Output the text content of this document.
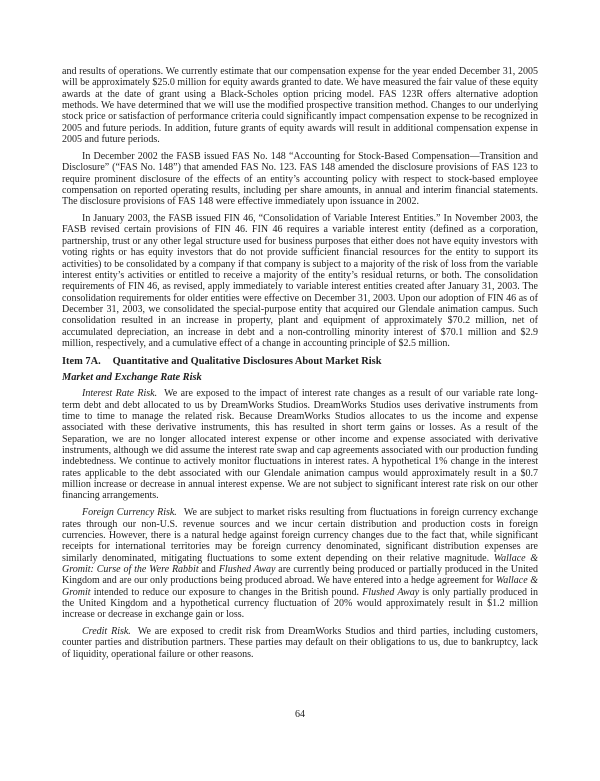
and results of operations. We currently estimate that our compensation expense for the year ended December 31, 2005 will be approximately $25.0 million for equity awards granted to date. We have measured the fair value of these equity awards at the date of grant using a Black-Scholes option pricing model. FAS 123R offers alternative adoption methods. We have determined that we will use the modified prospective transition method. Changes to our underlying stock price or satisfaction of performance criteria could significantly impact compensation expense to be recognized in 2005 and future periods. In addition, future grants of equity awards will result in additional compensation expense in 2005 and future periods.

In December 2002 the FASB issued FAS No. 148 “Accounting for Stock-Based Compensation—Transition and Disclosure” (“FAS No. 148”) that amended FAS No. 123. FAS 148 amended the disclosure provisions of FAS 123 to require prominent disclosure of the effects of an entity’s accounting policy with respect to stock-based employee compensation on reported operating results, including per share amounts, in annual and interim financial statements. The disclosure provisions of FAS 148 were effective immediately upon issuance in 2002.

In January 2003, the FASB issued FIN 46, “Consolidation of Variable Interest Entities.” In November 2003, the FASB revised certain provisions of FIN 46. FIN 46 requires a variable interest entity (defined as a corporation, partnership, trust or any other legal structure used for business purposes that either does not have equity investors with voting rights or has equity investors that do not provide sufficient financial resources for the entity to support its activities) to be consolidated by a company if that company is subject to a majority of the risk of loss from the variable interest entity’s activities or entitled to receive a majority of the entity’s residual returns, or both. The consolidation requirements of FIN 46, as revised, apply immediately to variable interest entities created after January 31, 2003. The consolidation requirements for older entities were effective on December 31, 2003. Upon our adoption of FIN 46 as of December 31, 2003, we consolidated the special-purpose entity that acquired our Glendale animation campus. Such consolidation resulted in an increase in property, plant and equipment of approximately $70.2 million, net of accumulated depreciation, an increase in debt and a non-controlling minority interest of $70.1 million and $2.9 million, respectively, and a cumulative effect of a change in accounting principle of $2.5 million.

Item 7A. Quantitative and Qualitative Disclosures About Market Risk
Market and Exchange Rate Risk

Interest Rate Risk. We are exposed to the impact of interest rate changes as a result of our variable rate long-term debt and debt allocated to us by DreamWorks Studios. DreamWorks Studios uses derivative instruments from time to time to manage the related risk. Because DreamWorks Studios allocates to us the income and expense associated with these derivative instruments, this has resulted in short term gains or losses. As a result of the Separation, we are no longer allocated interest expense or other income and expense associated with derivative instruments, although we did assume the interest rate swap and cap agreements associated with our production funding indebtedness. We continue to actively monitor fluctuations in interest rates. A hypothetical 1% change in the interest rates applicable to the debt associated with our Glendale animation campus would approximately result in a $0.7 million increase or decrease in annual interest expense. We are not subject to significant interest rate risk on our other financing arrangements.

Foreign Currency Risk. We are subject to market risks resulting from fluctuations in foreign currency exchange rates through our non-U.S. revenue sources and we incur certain distribution and production costs in foreign currencies. However, there is a natural hedge against foreign currency changes due to the fact that, while significant receipts for international territories may be foreign currency denominated, significant distribution expenses are similarly denominated, mitigating fluctuations to some extent depending on their relative magnitude. Wallace & Gromit: Curse of the Were Rabbit and Flushed Away are currently being produced or partially produced in the United Kingdom and are our only productions being produced abroad. We have entered into a hedge agreement for Wallace & Gromit intended to reduce our exposure to changes in the British pound. Flushed Away is only partially produced in the United Kingdom and a hypothetical currency fluctuation of 20% would approximately result in $1.2 million increase or decrease in exchange gain or loss.

Credit Risk. We are exposed to credit risk from DreamWorks Studios and third parties, including customers, counter parties and distribution partners. These parties may default on their obligations to us, due to bankruptcy, lack of liquidity, operational failure or other reasons.

64
